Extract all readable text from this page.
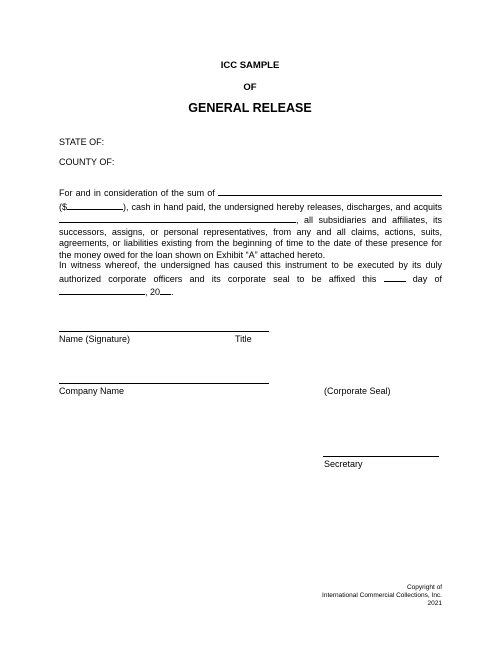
ICC SAMPLE
OF
GENERAL RELEASE
STATE OF:
COUNTY OF:
For and in consideration of the sum of
($	), cash in hand paid, the undersigned hereby releases, discharges, and acquits
, all subsidiaries and affiliates, its
successors, assigns, or personal representatives, from any and all claims, actions, suits,
agreements, or liabilities existing from the beginning of time to the date of these presence for
the money owed for the loan shown on Exhibit “A” attached hereto.
In witness whereof, the undersigned has caused this instrument to be executed by its duly
authorized corporate officers and its corporate seal to be affixed this	day of
, 20 .
Name (Signature)	Title
Company Name	(Corporate Seal)
Secretary
Copyright of
International Commercial Collections, Inc.
2021
